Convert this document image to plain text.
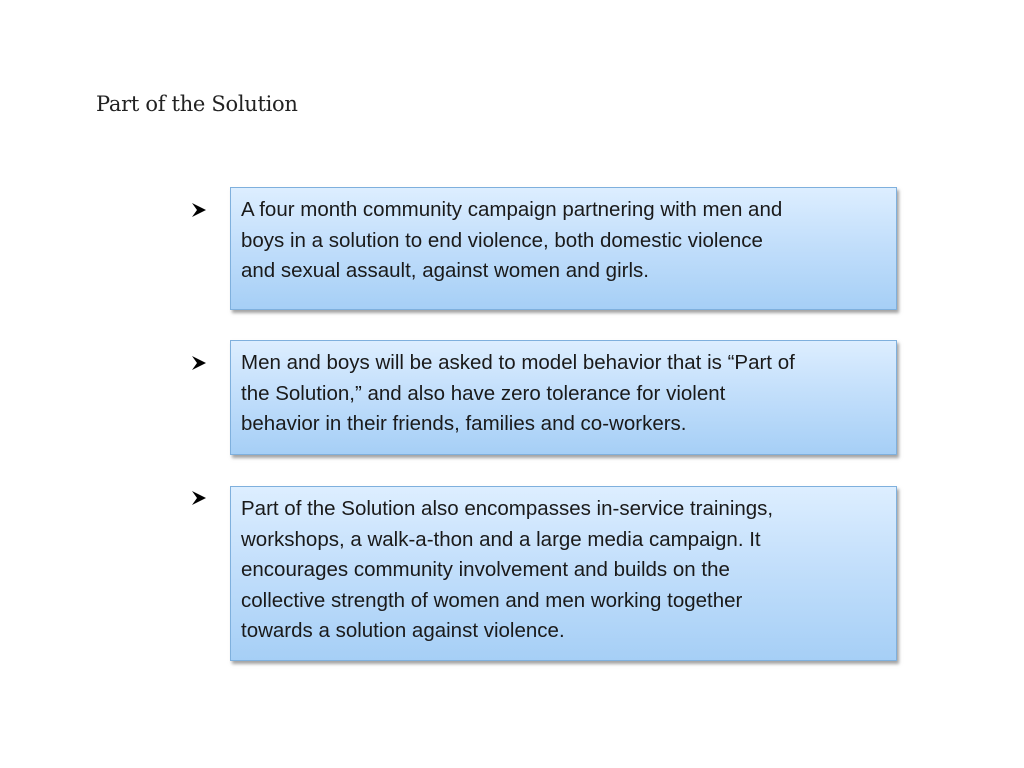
Part of the Solution

A four month community campaign partnering with men and
boys in a solution to end violence, both domestic violence
and sexual assault, against women and girls.

Men and boys will be asked to model behavior that is “Part of
the Solution,” and also have zero tolerance for violent
behavior in their friends, families and co-workers.

Part of the Solution also encompasses in-service trainings,
workshops, a walk-a-thon and a large media campaign. It
encourages community involvement and builds on the
collective strength of women and men working together
towards a solution against violence.
